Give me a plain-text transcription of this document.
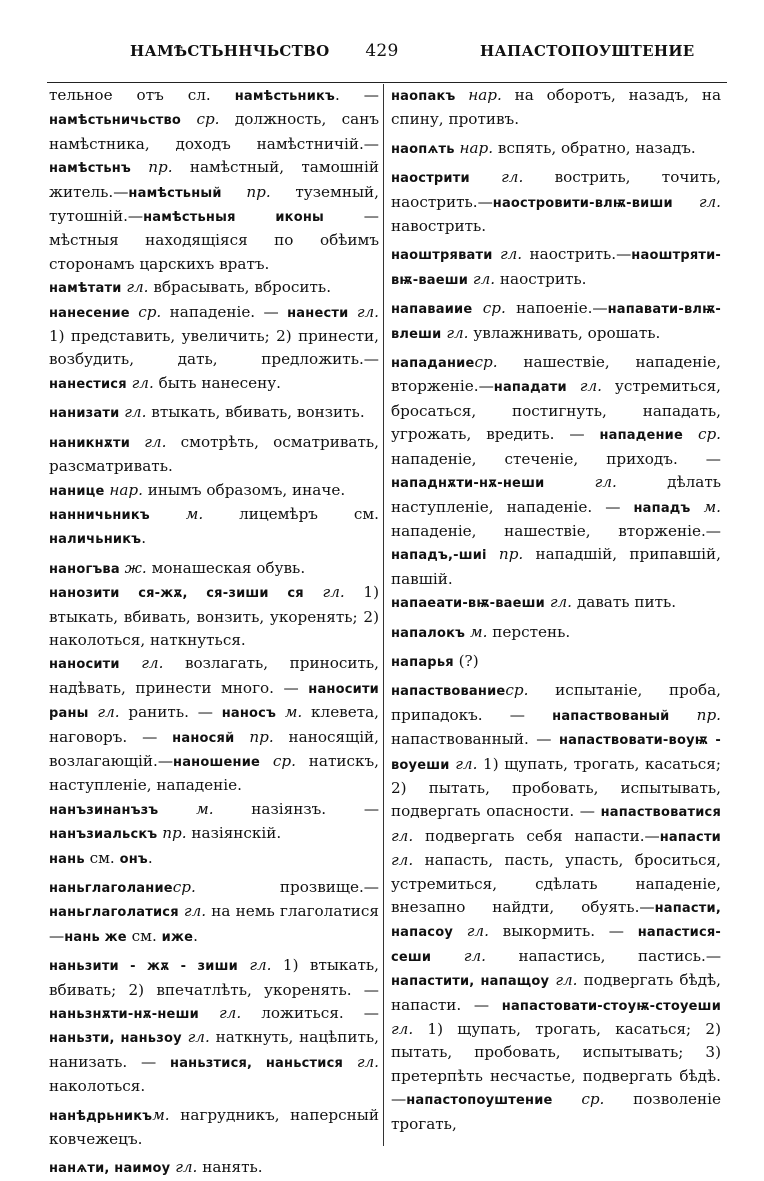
НАМѢСТЬННЧЬСТВО	429	НАПАСТОПОУШТЕНИЕ
тельное отъ сл. намѣстьникъ. — намѣстьничьство ср. должность, санъ намѣстника, доходъ намѣстничій.—намѣстьнъ пр. намѣстный, тамошній житель.—намѣстьный пр. туземный, тутошній.—намѣстьныя иконы — мѣстныя находящіяся по обѣимъ сторонамъ царскихъ вратъ.
намѣтати гл. вбрасывать, вбросить.
нанесение ср. нападеніе. — нанести гл. 1) представить, увеличить; 2) принести, возбудить, дать, предложить.—нанестися гл. быть нанесену.
нанизати гл. втыкать, вбивать, вонзить.
наникнѫти гл. смотрѣть, осматривать, разсматривать.
нанице нар. инымъ образомъ, иначе.
нанничьникъ м. лицемѣръ см. наличьникъ.
наногъва ж. монашеская обувь.
нанозити ся-жѫ, ся-зиши ся гл. 1) втыкать, вбивать, вонзить, укоренять; 2) наколоться, наткнуться.
наносити гл. возлагать, приносить, надѣвать, принести много. — наносити раны гл. ранить. — наносъ м. клевета, наговоръ. — наносяй пр. наносящій, возлагающій.—наношение ср. натискъ, наступленіе, нападеніе.
нанъзинанъзъ м. назіянзъ. — нанъзиальскъ пр. назіянскій.
нань см. онъ.
наньглаголаниеср. прозвище.—наньглаголатися гл. на немь глаголатися—нань же см. иже.
наньзити - жѫ - зиши гл. 1) втыкать, вбивать; 2) впечатлѣть, укоренять. —наньзнѫти-нѫ-неши гл. ложиться. —наньзти, наньзоу гл. наткнуть, нацѣпить, нанизать. — наньзтися, наньстися гл. наколоться.
нанѣдрьникъм. нагрудникъ, наперсный ковчежецъ.
нанѧти, наимоу гл. нанять.
наопакъ нар. на оборотъ, назадъ, на спину, противъ.
наопѧть нар. вспять, обратно, назадъ.
наострити гл. вострить, точить, наострить.—наостровити-влѭ-виши гл. навострить.
наоштрявати гл. наострить.—наоштряти-вѭ-ваеши гл. наострить.
напаваиие ср. напоеніе.—напавати-влѭ-влеши гл. увлажнивать, орошать.
нападаниеср. нашествіе, нападеніе, вторженіе.—нападати гл. устремиться, бросаться, постигнуть, нападать, угрожать, вредить. — нападение ср. нападеніе, стеченіе, приходъ. — нападнѫти-нѫ-неши	гл. дѣлать наступленіе, нападеніе. — нападъ м. нападеніе, нашествіе, вторженіе.—нападъ,-шиі пр. нападшій, припавшій, павшій.
напаеати-вѭ-ваеши гл. давать пить.
напалокъ м. перстень.
напарья (?)
напаствованиеср. испытаніе, проба, припадокъ. — напаствованый пр. напаствованный. — напаствовати-воуѭ - воуеши гл. 1) щупать, трогать, касаться; 2) пытать, пробовать, испытывать, подвергать опасности. — напаствоватися гл. подвергать себя напасти.—напасти гл. напасть, пасть, упасть, броситься, устремиться, сдѣлать нападеніе, внезапно найдти, обуять.—напасти, напасоу гл. выкормить. — напастися-сеши гл. напастись, пастись.—напастити, напащоу гл. подвергать бѣдѣ, напасти. — напастовати-стоуѭ-стоуеши гл. 1) щупать, трогать, касаться; 2) пытать, пробовать, испытывать; 3) претерпѣть несчастье, подвергать бѣдѣ.—напастопоуштение ср. позволеніе трогать,
